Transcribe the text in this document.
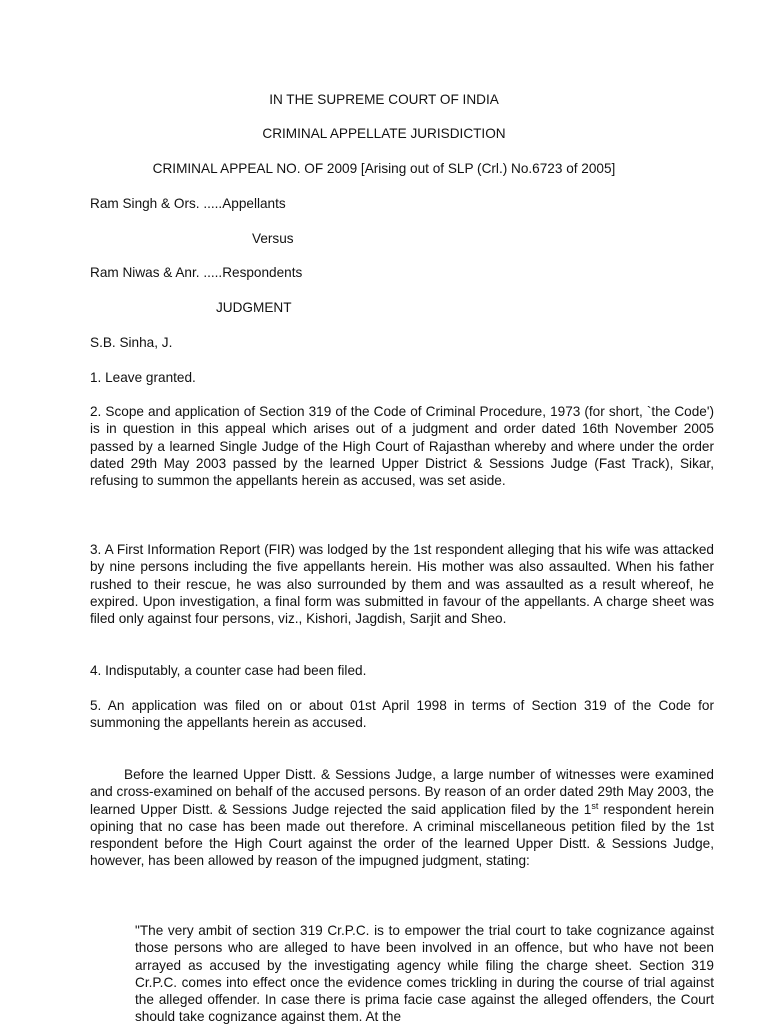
IN THE SUPREME COURT OF INDIA
CRIMINAL APPELLATE JURISDICTION
CRIMINAL APPEAL NO. OF 2009 [Arising out of SLP (Crl.) No.6723 of 2005]
Ram Singh & Ors. .....Appellants
Versus
Ram Niwas & Anr. .....Respondents
JUDGMENT
S.B. Sinha, J.
1. Leave granted.
2. Scope and application of Section 319 of the Code of Criminal Procedure, 1973 (for short, `the Code') is in question in this appeal which arises out of a judgment and order dated 16th November 2005 passed by a learned Single Judge of the High Court of Rajasthan whereby and where under the order dated 29th May 2003 passed by the learned Upper District & Sessions Judge (Fast Track), Sikar, refusing to summon the appellants herein as accused, was set aside.
3. A First Information Report (FIR) was lodged by the 1st respondent alleging that his wife was attacked by nine persons including the five appellants herein. His mother was also assaulted. When his father rushed to their rescue, he was also surrounded by them and was assaulted as a result whereof, he expired. Upon investigation, a final form was submitted in favour of the appellants. A charge sheet was filed only against four persons, viz., Kishori, Jagdish, Sarjit and Sheo.
4. Indisputably, a counter case had been filed.
5. An application was filed on or about 01st April 1998 in terms of Section 319 of the Code for summoning the appellants herein as accused.
Before the learned Upper Distt. & Sessions Judge, a large number of witnesses were examined and cross-examined on behalf of the accused persons. By reason of an order dated 29th May 2003, the learned Upper Distt. & Sessions Judge rejected the said application filed by the 1st respondent herein opining that no case has been made out therefore. A criminal miscellaneous petition filed by the 1st respondent before the High Court against the order of the learned Upper Distt. & Sessions Judge, however, has been allowed by reason of the impugned judgment, stating:
"The very ambit of section 319 Cr.P.C. is to empower the trial court to take cognizance against those persons who are alleged to have been involved in an offence, but who have not been arrayed as accused by the investigating agency while filing the charge sheet. Section 319 Cr.P.C. comes into effect once the evidence comes trickling in during the course of trial against the alleged offender. In case there is prima facie case against the alleged offenders, the Court should take cognizance against them. At the
